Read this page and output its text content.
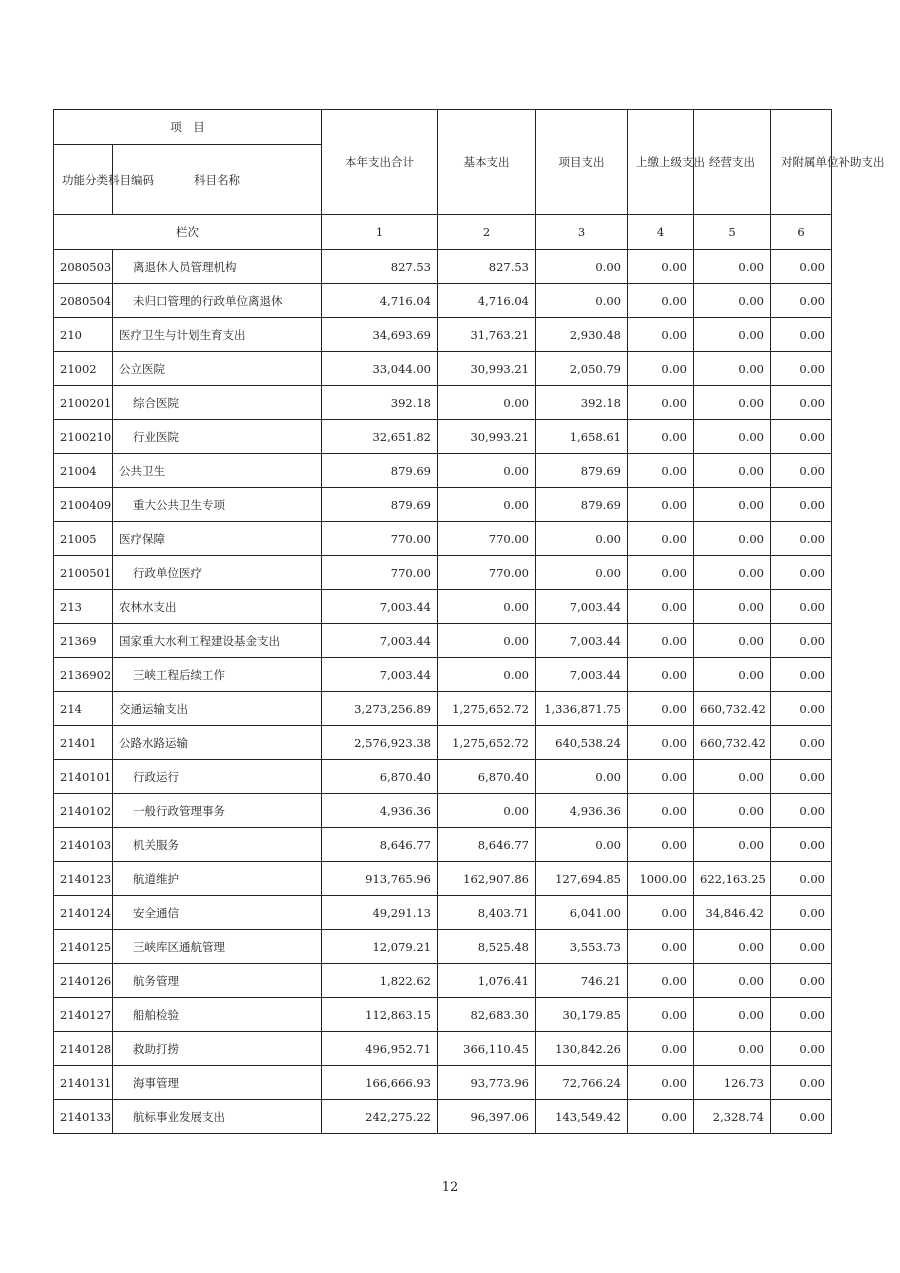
项　目		本年支出合计	基本支出	项目支出	上缴上级支出	经营支出	对附属单位补助支出
功能分类科目编码	科目名称						
栏次		1	2	3	4	5	6
2080503	离退休人员管理机构	827.53	827.53	0.00	0.00	0.00	0.00
2080504	未归口管理的行政单位离退休	4,716.04	4,716.04	0.00	0.00	0.00	0.00
210	医疗卫生与计划生育支出	34,693.69	31,763.21	2,930.48	0.00	0.00	0.00
21002	公立医院	33,044.00	30,993.21	2,050.79	0.00	0.00	0.00
2100201	综合医院	392.18	0.00	392.18	0.00	0.00	0.00
2100210	行业医院	32,651.82	30,993.21	1,658.61	0.00	0.00	0.00
21004	公共卫生	879.69	0.00	879.69	0.00	0.00	0.00
2100409	重大公共卫生专项	879.69	0.00	879.69	0.00	0.00	0.00
21005	医疗保障	770.00	770.00	0.00	0.00	0.00	0.00
2100501	行政单位医疗	770.00	770.00	0.00	0.00	0.00	0.00
213	农林水支出	7,003.44	0.00	7,003.44	0.00	0.00	0.00
21369	国家重大水利工程建设基金支出	7,003.44	0.00	7,003.44	0.00	0.00	0.00
2136902	三峡工程后续工作	7,003.44	0.00	7,003.44	0.00	0.00	0.00
214	交通运输支出	3,273,256.89	1,275,652.72	1,336,871.75	0.00	660,732.42	0.00
21401	公路水路运输	2,576,923.38	1,275,652.72	640,538.24	0.00	660,732.42	0.00
2140101	行政运行	6,870.40	6,870.40	0.00	0.00	0.00	0.00
2140102	一般行政管理事务	4,936.36	0.00	4,936.36	0.00	0.00	0.00
2140103	机关服务	8,646.77	8,646.77	0.00	0.00	0.00	0.00
2140123	航道维护	913,765.96	162,907.86	127,694.85	1000.00	622,163.25	0.00
2140124	安全通信	49,291.13	8,403.71	6,041.00	0.00	34,846.42	0.00
2140125	三峡库区通航管理	12,079.21	8,525.48	3,553.73	0.00	0.00	0.00
2140126	航务管理	1,822.62	1,076.41	746.21	0.00	0.00	0.00
2140127	船舶检验	112,863.15	82,683.30	30,179.85	0.00	0.00	0.00
2140128	救助打捞	496,952.71	366,110.45	130,842.26	0.00	0.00	0.00
2140131	海事管理	166,666.93	93,773.96	72,766.24	0.00	126.73	0.00
2140133	航标事业发展支出	242,275.22	96,397.06	143,549.42	0.00	2,328.74	0.00
12
